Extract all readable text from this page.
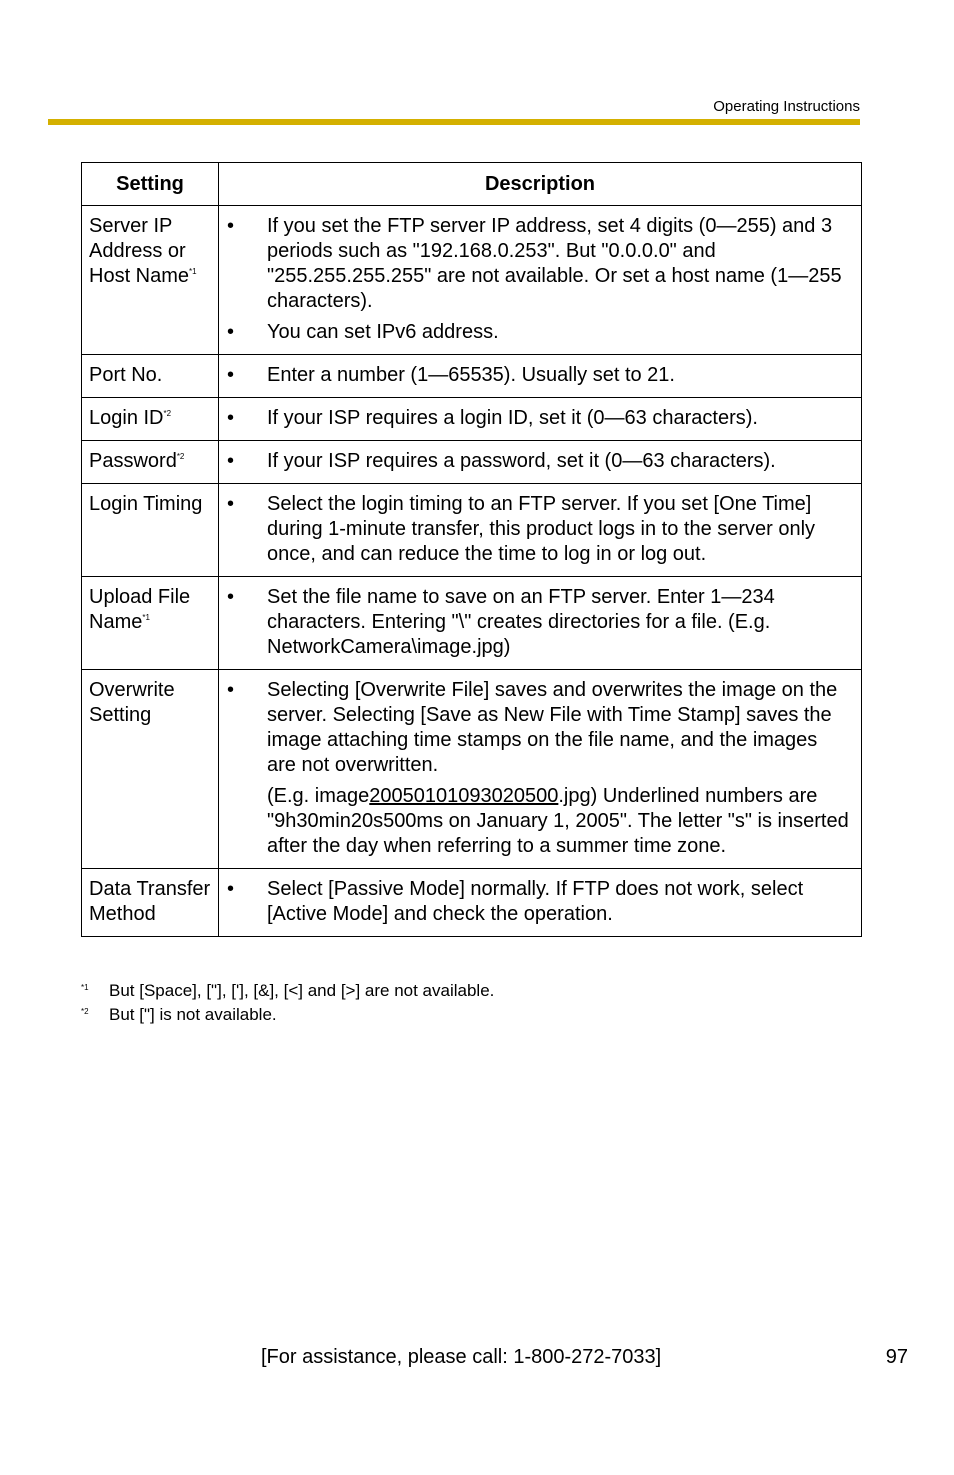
Operating Instructions
Setting	Description
Server IP Address or Host Name$^{*1}$	• If you set the FTP server IP address, set 4 digits (0—255) and 3 periods such as "192.168.0.253". But "0.0.0.0" and "255.255.255.255" are not available. Or set a host name (1—255 characters).
• You can set IPv6 address.

Port No.	• Enter a number (1—65535). Usually set to 21.

Login ID$^{*2}$	• If your ISP requires a login ID, set it (0—63 characters).

Password$^{*2}$	• If your ISP requires a password, set it (0—63 characters).

Login Timing	• Select the login timing to an FTP server. If you set [One Time] during 1-minute transfer, this product logs in to the server only once, and can reduce the time to log in or log out.

Upload File Name$^{*1}$	• Set the file name to save on an FTP server. Enter 1—234 characters. Entering "\" creates directories for a file. (E.g. NetworkCamera\image.jpg)

Overwrite Setting	• Selecting [Overwrite File] saves and overwrites the image on the server. Selecting [Save as New File with Time Stamp] saves the image attaching time stamps on the file name, and the images are not overwritten.
(E.g. image20050101093020500.jpg) Underlined numbers are "9h30min20s500ms on January 1, 2005". The letter "s" is inserted after the day when referring to a summer time zone.

Data Transfer Method	• Select [Passive Mode] normally. If FTP does not work, select [Active Mode] and check the operation.
*1	But [Space], ["], ['], [&], [<] and [>] are not available.
*2	But ["] is not available.
[For assistance, please call: 1-800-272-7033]	97
